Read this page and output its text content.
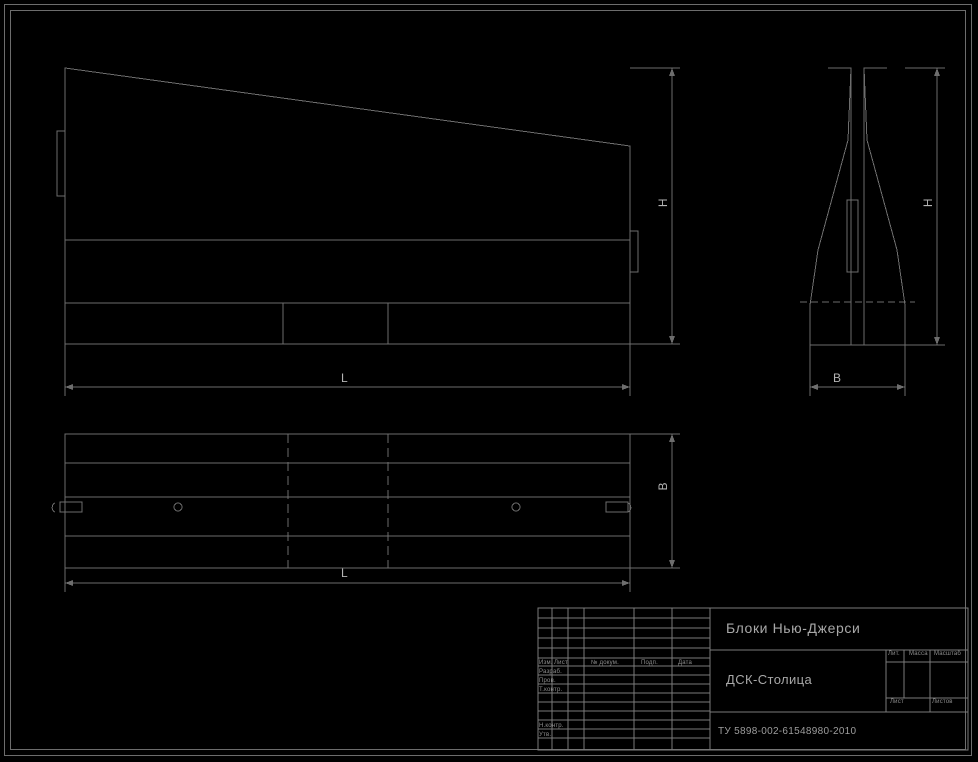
H
L
H
B
B
L
Блоки Нью-Джерси
ДСК-Столица
ТУ 5898-002-61548980-2010
Изм. Лист	№ докум.	Подп.	Дата
Разраб.
Пров.
Т.контр.
Н.контр.
Утв.
Лит. Масса Масштаб
Лист	Листов
